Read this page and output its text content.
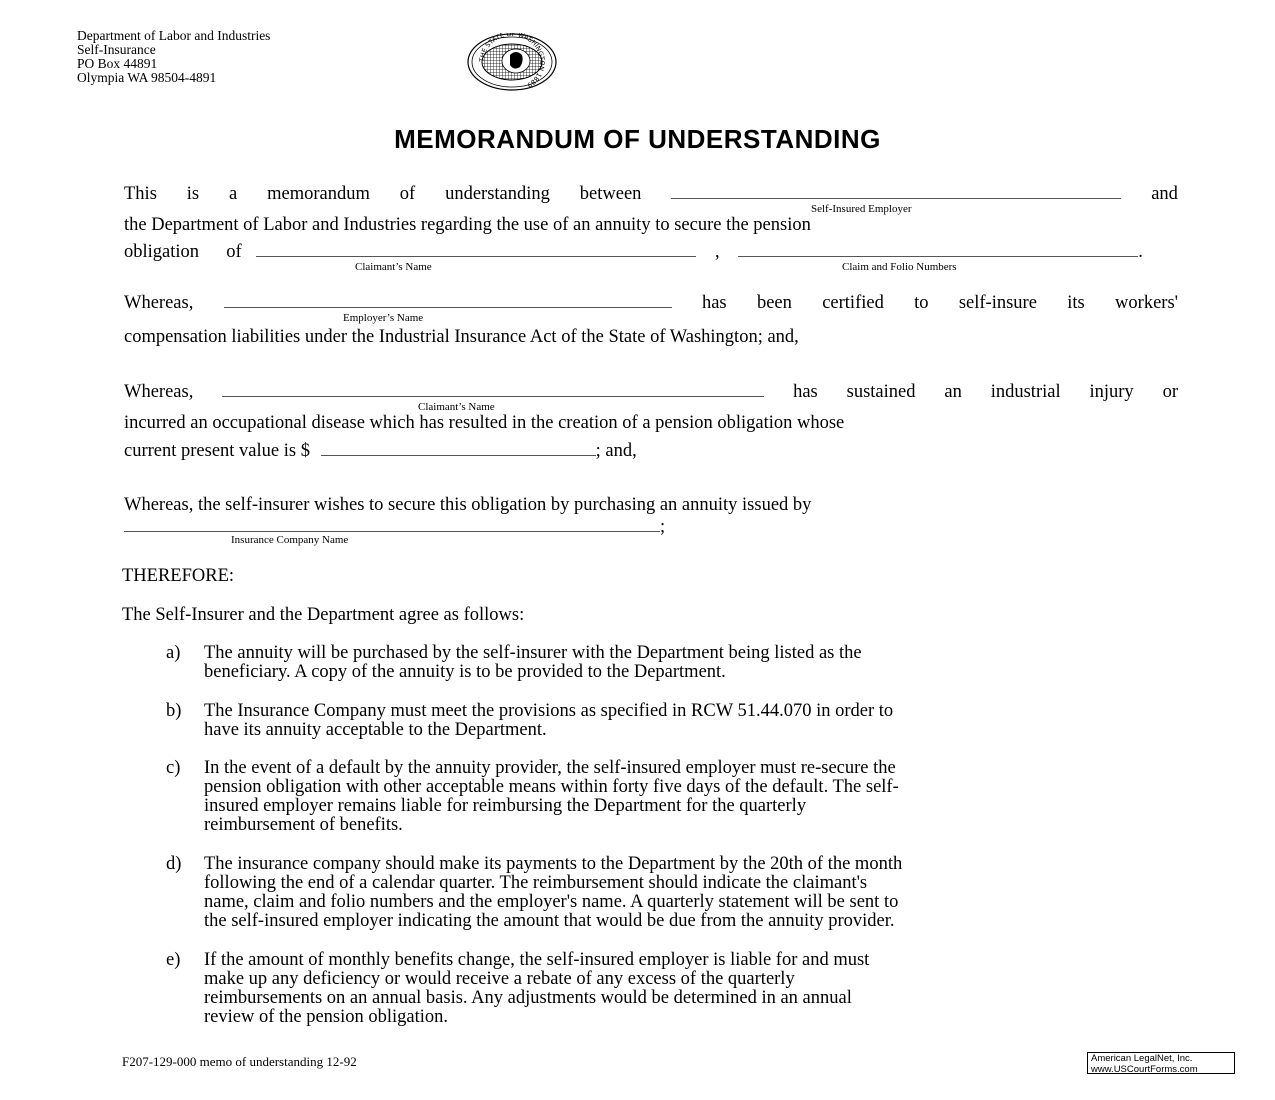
Department of Labor and Industries
Self-Insurance
PO Box 44891
Olympia WA 98504-4891
THE STATE OF WASHINGTON 1889
MEMORANDUM OF UNDERSTANDING
This is a memorandum of understanding between	and
Self-Insured Employer
the Department of Labor and Industries regarding the use of an annuity to secure the pension
obligation of	,	.
Claimant’s Name	Claim and Folio Numbers
Whereas,	has been certified to self-insure its workers'
Employer’s Name
compensation liabilities under the Industrial Insurance Act of the State of Washington; and,
Whereas,	has sustained an industrial injury or
Claimant’s Name
incurred an occupational disease which has resulted in the creation of a pension obligation whose
current present value is $	; and,
Whereas, the self-insurer wishes to secure this obligation by purchasing an annuity issued by
;
Insurance Company Name
THEREFORE:
The Self-Insurer and the Department agree as follows:
a) The annuity will be purchased by the self-insurer with the Department being listed as the
beneficiary. A copy of the annuity is to be provided to the Department.
b) The Insurance Company must meet the provisions as specified in RCW 51.44.070 in order to
have its annuity acceptable to the Department.
c) In the event of a default by the annuity provider, the self-insured employer must re-secure the
pension obligation with other acceptable means within forty five days of the default. The self-
insured employer remains liable for reimbursing the Department for the quarterly
reimbursement of benefits.
d) The insurance company should make its payments to the Department by the 20th of the month
following the end of a calendar quarter. The reimbursement should indicate the claimant's
name, claim and folio numbers and the employer's name. A quarterly statement will be sent to
the self-insured employer indicating the amount that would be due from the annuity provider.
e) If the amount of monthly benefits change, the self-insured employer is liable for and must
make up any deficiency or would receive a rebate of any excess of the quarterly
reimbursements on an annual basis. Any adjustments would be determined in an annual
review of the pension obligation.
F207-129-000 memo of understanding 12-92	American LegalNet, Inc.
www.USCourtForms.com
